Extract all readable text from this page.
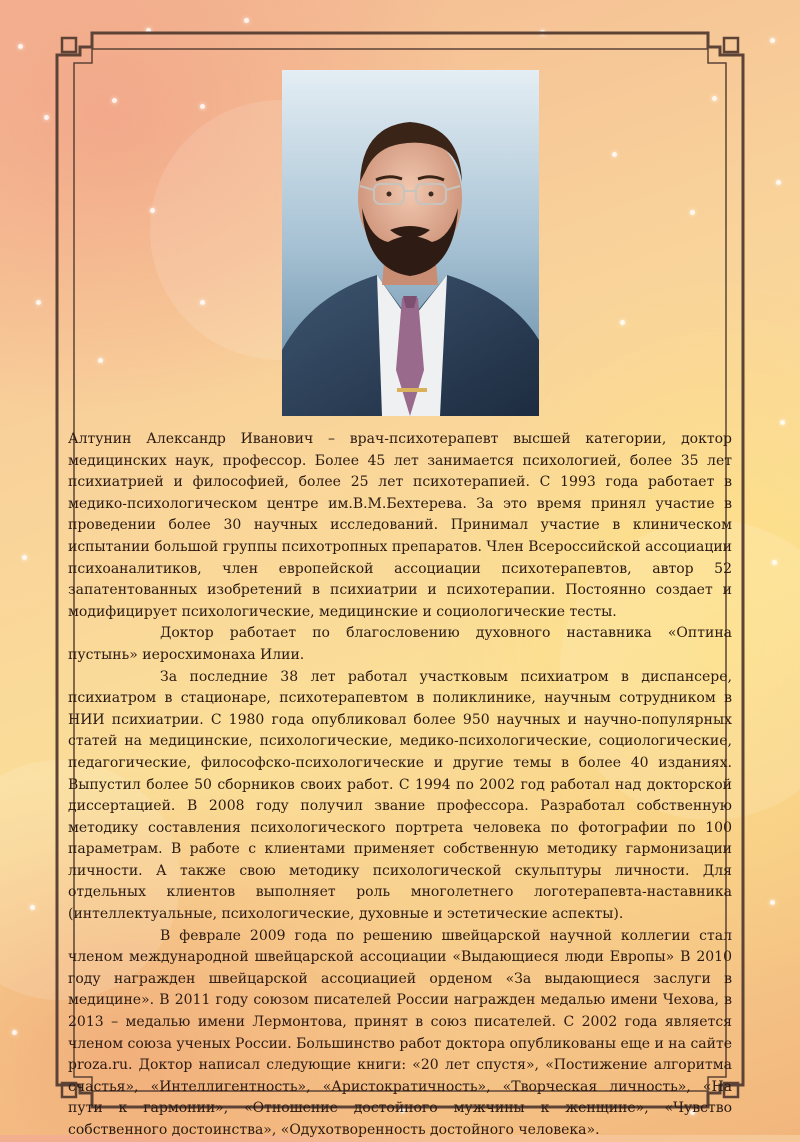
Алтунин Александр Иванович – врач-психотерапевт высшей категории, доктор медицинских наук, профессор. Более 45 лет занимается психологией, более 35 лет психиатрией и философией, более 25 лет психотерапией. С 1993 года работает в медико-психологическом центре им.В.М.Бехтерева. За это время принял участие в проведении более 30 научных исследований. Принимал участие в клиническом испытании большой группы психотропных препаратов. Член Всероссийской ассоциации психоаналитиков, член европейской ассоциации психотерапевтов, автор 52 запатентованных изобретений в психиатрии и психотерапии. Постоянно создает и модифицирует психологические, медицинские и социологические тесты.

Доктор работает по благословению духовного наставника «Оптина пустынь» иеросхимонаха Илии.

За последние 38 лет работал участковым психиатром в диспансере, психиатром в стационаре, психотерапевтом в поликлинике, научным сотрудником в НИИ психиатрии. С 1980 года опубликовал более 950 научных и научно-популярных статей на медицинские, психологические, медико-психологические, социологические, педагогические, философско-психологические и другие темы в более 40 изданиях. Выпустил более 50 сборников своих работ. С 1994 по 2002 год работал над докторской диссертацией. В 2008 году получил звание профессора. Разработал собственную методику составления психологического портрета человека по фотографии по 100 параметрам. В работе с клиентами применяет собственную методику гармонизации личности. А также свою методику психологической скульптуры личности. Для отдельных клиентов выполняет роль многолетнего логотерапевта-наставника (интеллектуальные, психологические, духовные и эстетические аспекты).

В феврале 2009 года по решению швейцарской научной коллегии стал членом международной швейцарской ассоциации «Выдающиеся люди Европы» В 2010 году награжден швейцарской ассоциацией орденом «За выдающиеся заслуги в медицине». В 2011 году союзом писателей России награжден медалью имени Чехова, в 2013 – медалью имени Лермонтова, принят в союз писателей. С 2002 года является членом союза ученых России. Большинство работ доктора опубликованы еще и на сайте proza.ru. Доктор написал следующие книги: «20 лет спустя», «Постижение алгоритма счастья», «Интеллигентность», «Аристократичность», «Творческая личность», «На пути к гармонии», «Отношение достойного мужчины к женщине», «Чувство собственного достоинства», «Одухотворенность достойного человека».
